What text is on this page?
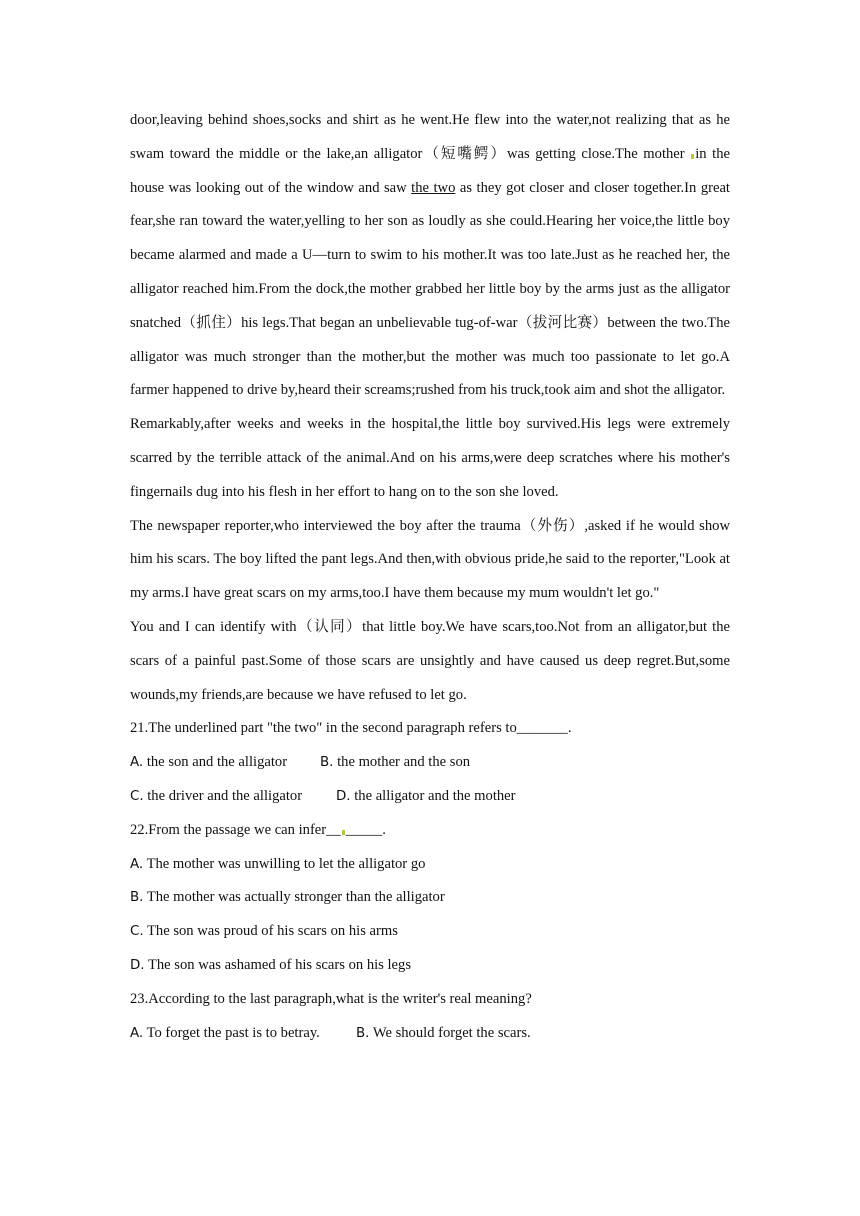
door,leaving behind shoes,socks and shirt as he went.He flew into the water,not realizing that as he swam toward the middle or the lake,an alligator（短嘴鳄）was getting close.The mother in the house was looking out of the window and saw the two as they got closer and closer together.In great fear,she ran toward the water,yelling to her son as loudly as she could.Hearing her voice,the little boy became alarmed and made a U—turn to swim to his mother.It was too late.Just as he reached her, the alligator reached him.From the dock,the mother grabbed her little boy by the arms just as the alligator snatched（抓住）his legs.That began an unbelievable tug-of-war（拔河比赛）between the two.The alligator was much stronger than the mother,but the mother was much too passionate to let go.A farmer happened to drive by,heard their screams;rushed from his truck,took aim and shot the alligator.

Remarkably,after weeks and weeks in the hospital,the little boy survived.His legs were extremely scarred by the terrible attack of the animal.And on his arms,were deep scratches where his mother's fingernails dug into his flesh in her effort to hang on to the son she loved.

The newspaper reporter,who interviewed the boy after the trauma（外伤）,asked if he would show him his scars. The boy lifted the pant legs.And then,with obvious pride,he said to the reporter,"Look at my arms.I have great scars on my arms,too.I have them because my mum wouldn't let go."

You and I can identify with（认同）that little boy.We have scars,too.Not from an alligator,but the scars of a painful past.Some of those scars are unsightly and have caused us deep regret.But,some wounds,my friends,are because we have refused to let go.

21.The underlined part "the two" in the second paragraph refers to_______.

A. the son and the alligator B. the mother and the son

C. the driver and the alligator	D. the alligator and the mother

22.From the passage we can infer__ _____.

A. The mother was unwilling to let the alligator go

B. The mother was actually stronger than the alligator

C. The son was proud of his scars on his arms

D. The son was ashamed of his scars on his legs

23.According to the last paragraph,what is the writer's real meaning?

A. To forget the past is to betray.	B. We should forget the scars.
